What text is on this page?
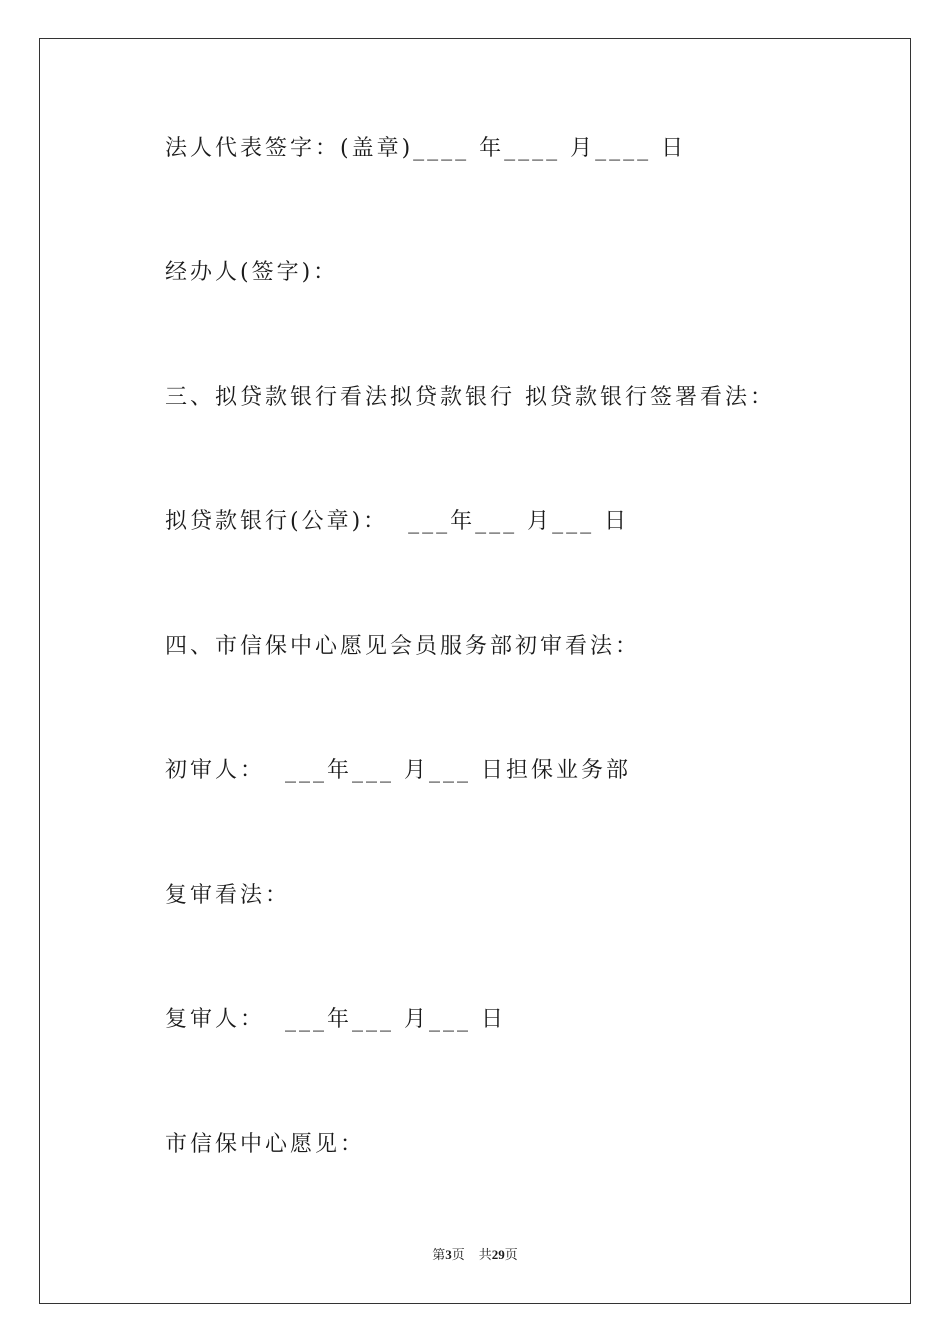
法人代表签字：(盖章)____ 年____ 月____ 日
经办人(签字)：
三、拟贷款银行看法拟贷款银行 拟贷款银行签署看法：
拟贷款银行(公章)：  ___年___ 月___ 日
四、市信保中心愿见会员服务部初审看法：
初审人：  ___年___ 月___ 日担保业务部
复审看法：
复审人：  ___年___ 月___ 日
市信保中心愿见：
第3页 共29页
